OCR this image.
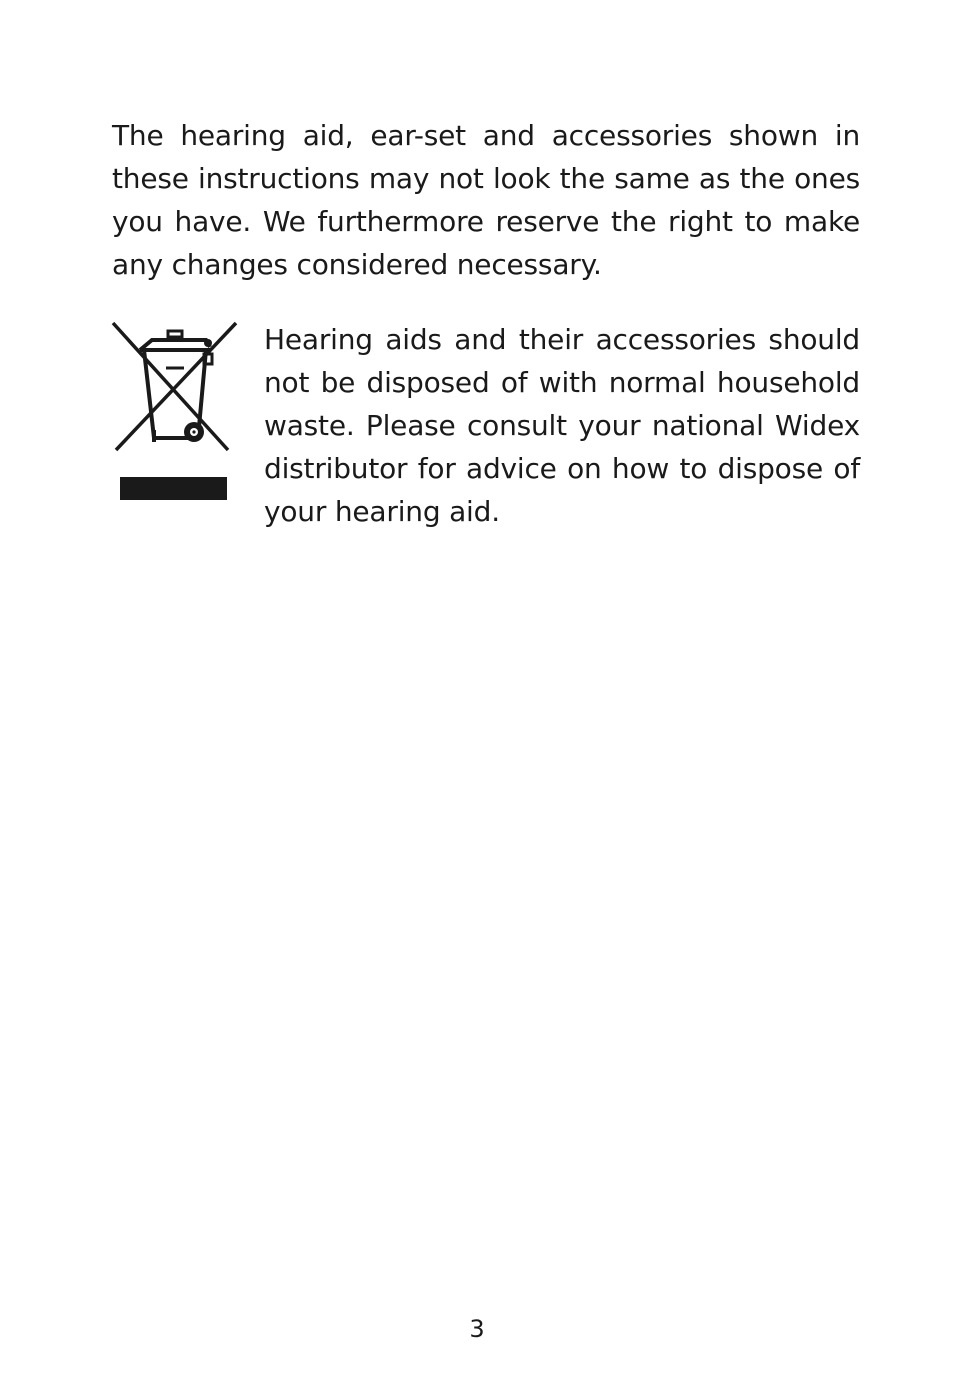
The hearing aid, ear-set and accessories shown in these instructions may not look the same as the ones you have. We furthermore reserve the right to make any changes considered necessary.

Hearing aids and their accessories should not be disposed of with normal household waste. Please consult your national Widex distributor for advice on how to dispose of your hearing aid.

3
